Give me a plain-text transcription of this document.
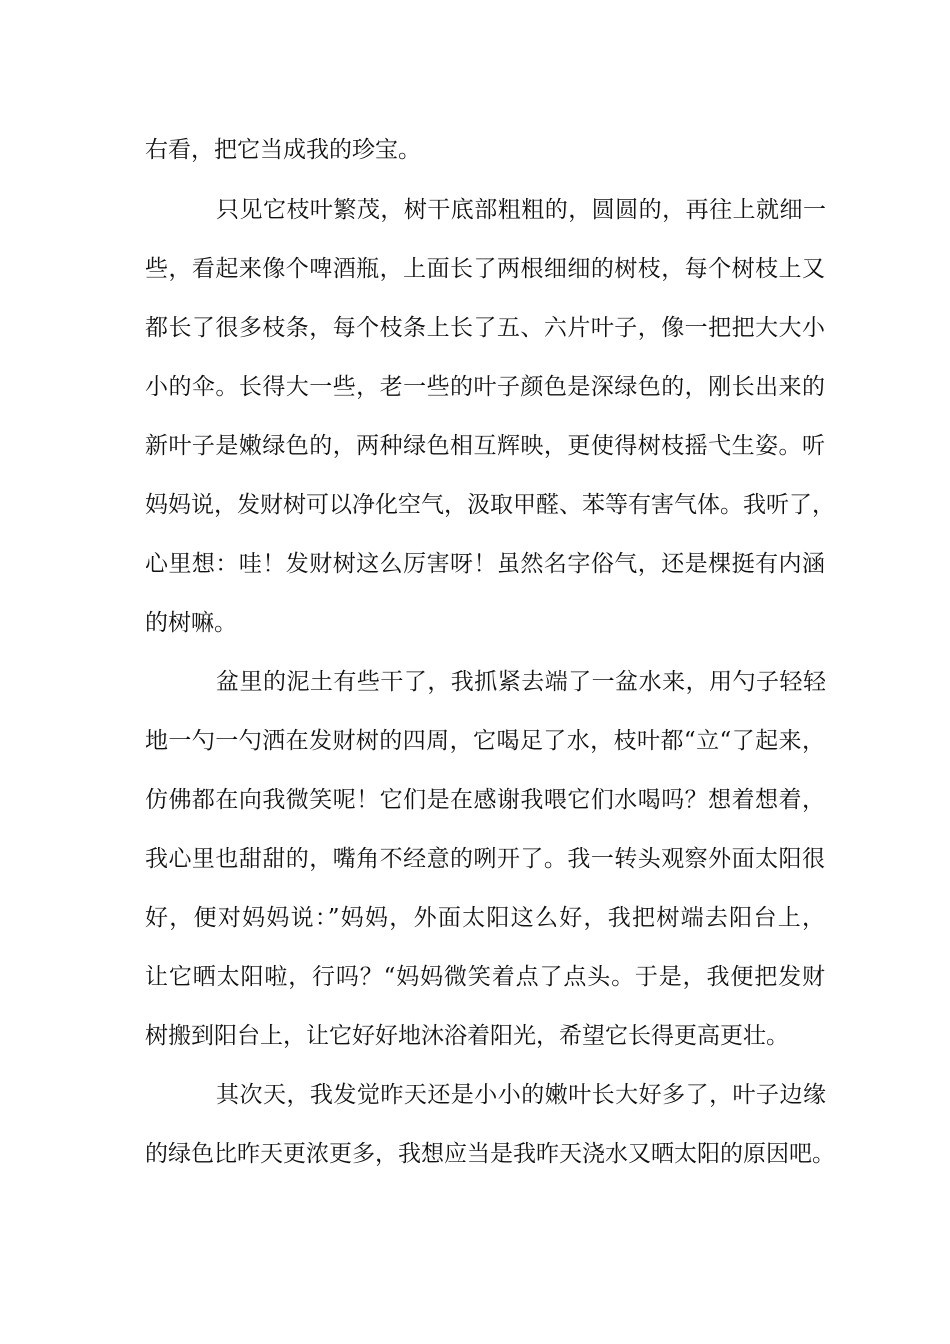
右看，把它当成我的珍宝。
只见它枝叶繁茂，树干底部粗粗的，圆圆的，再往上就细一
些，看起来像个啤酒瓶，上面长了两根细细的树枝，每个树枝上又
都长了很多枝条，每个枝条上长了五、六片叶子，像一把把大大小
小的伞。长得大一些，老一些的叶子颜色是深绿色的，刚长出来的
新叶子是嫩绿色的，两种绿色相互辉映，更使得树枝摇弋生姿。听
妈妈说，发财树可以净化空气，汲取甲醛、苯等有害气体。我听了，
心里想：哇！发财树这么厉害呀！虽然名字俗气，还是棵挺有内涵
的树嘛。
盆里的泥土有些干了，我抓紧去端了一盆水来，用勺子轻轻
地一勺一勺洒在发财树的四周，它喝足了水，枝叶都“立“了起来，
仿佛都在向我微笑呢！它们是在感谢我喂它们水喝吗？想着想着，
我心里也甜甜的，嘴角不经意的咧开了。我一转头观察外面太阳很
好，便对妈妈说：”妈妈，外面太阳这么好，我把树端去阳台上，
让它晒太阳啦，行吗？“妈妈微笑着点了点头。于是，我便把发财
树搬到阳台上，让它好好地沐浴着阳光，希望它长得更高更壮。
其次天，我发觉昨天还是小小的嫩叶长大好多了，叶子边缘
的绿色比昨天更浓更多，我想应当是我昨天浇水又晒太阳的原因吧。
